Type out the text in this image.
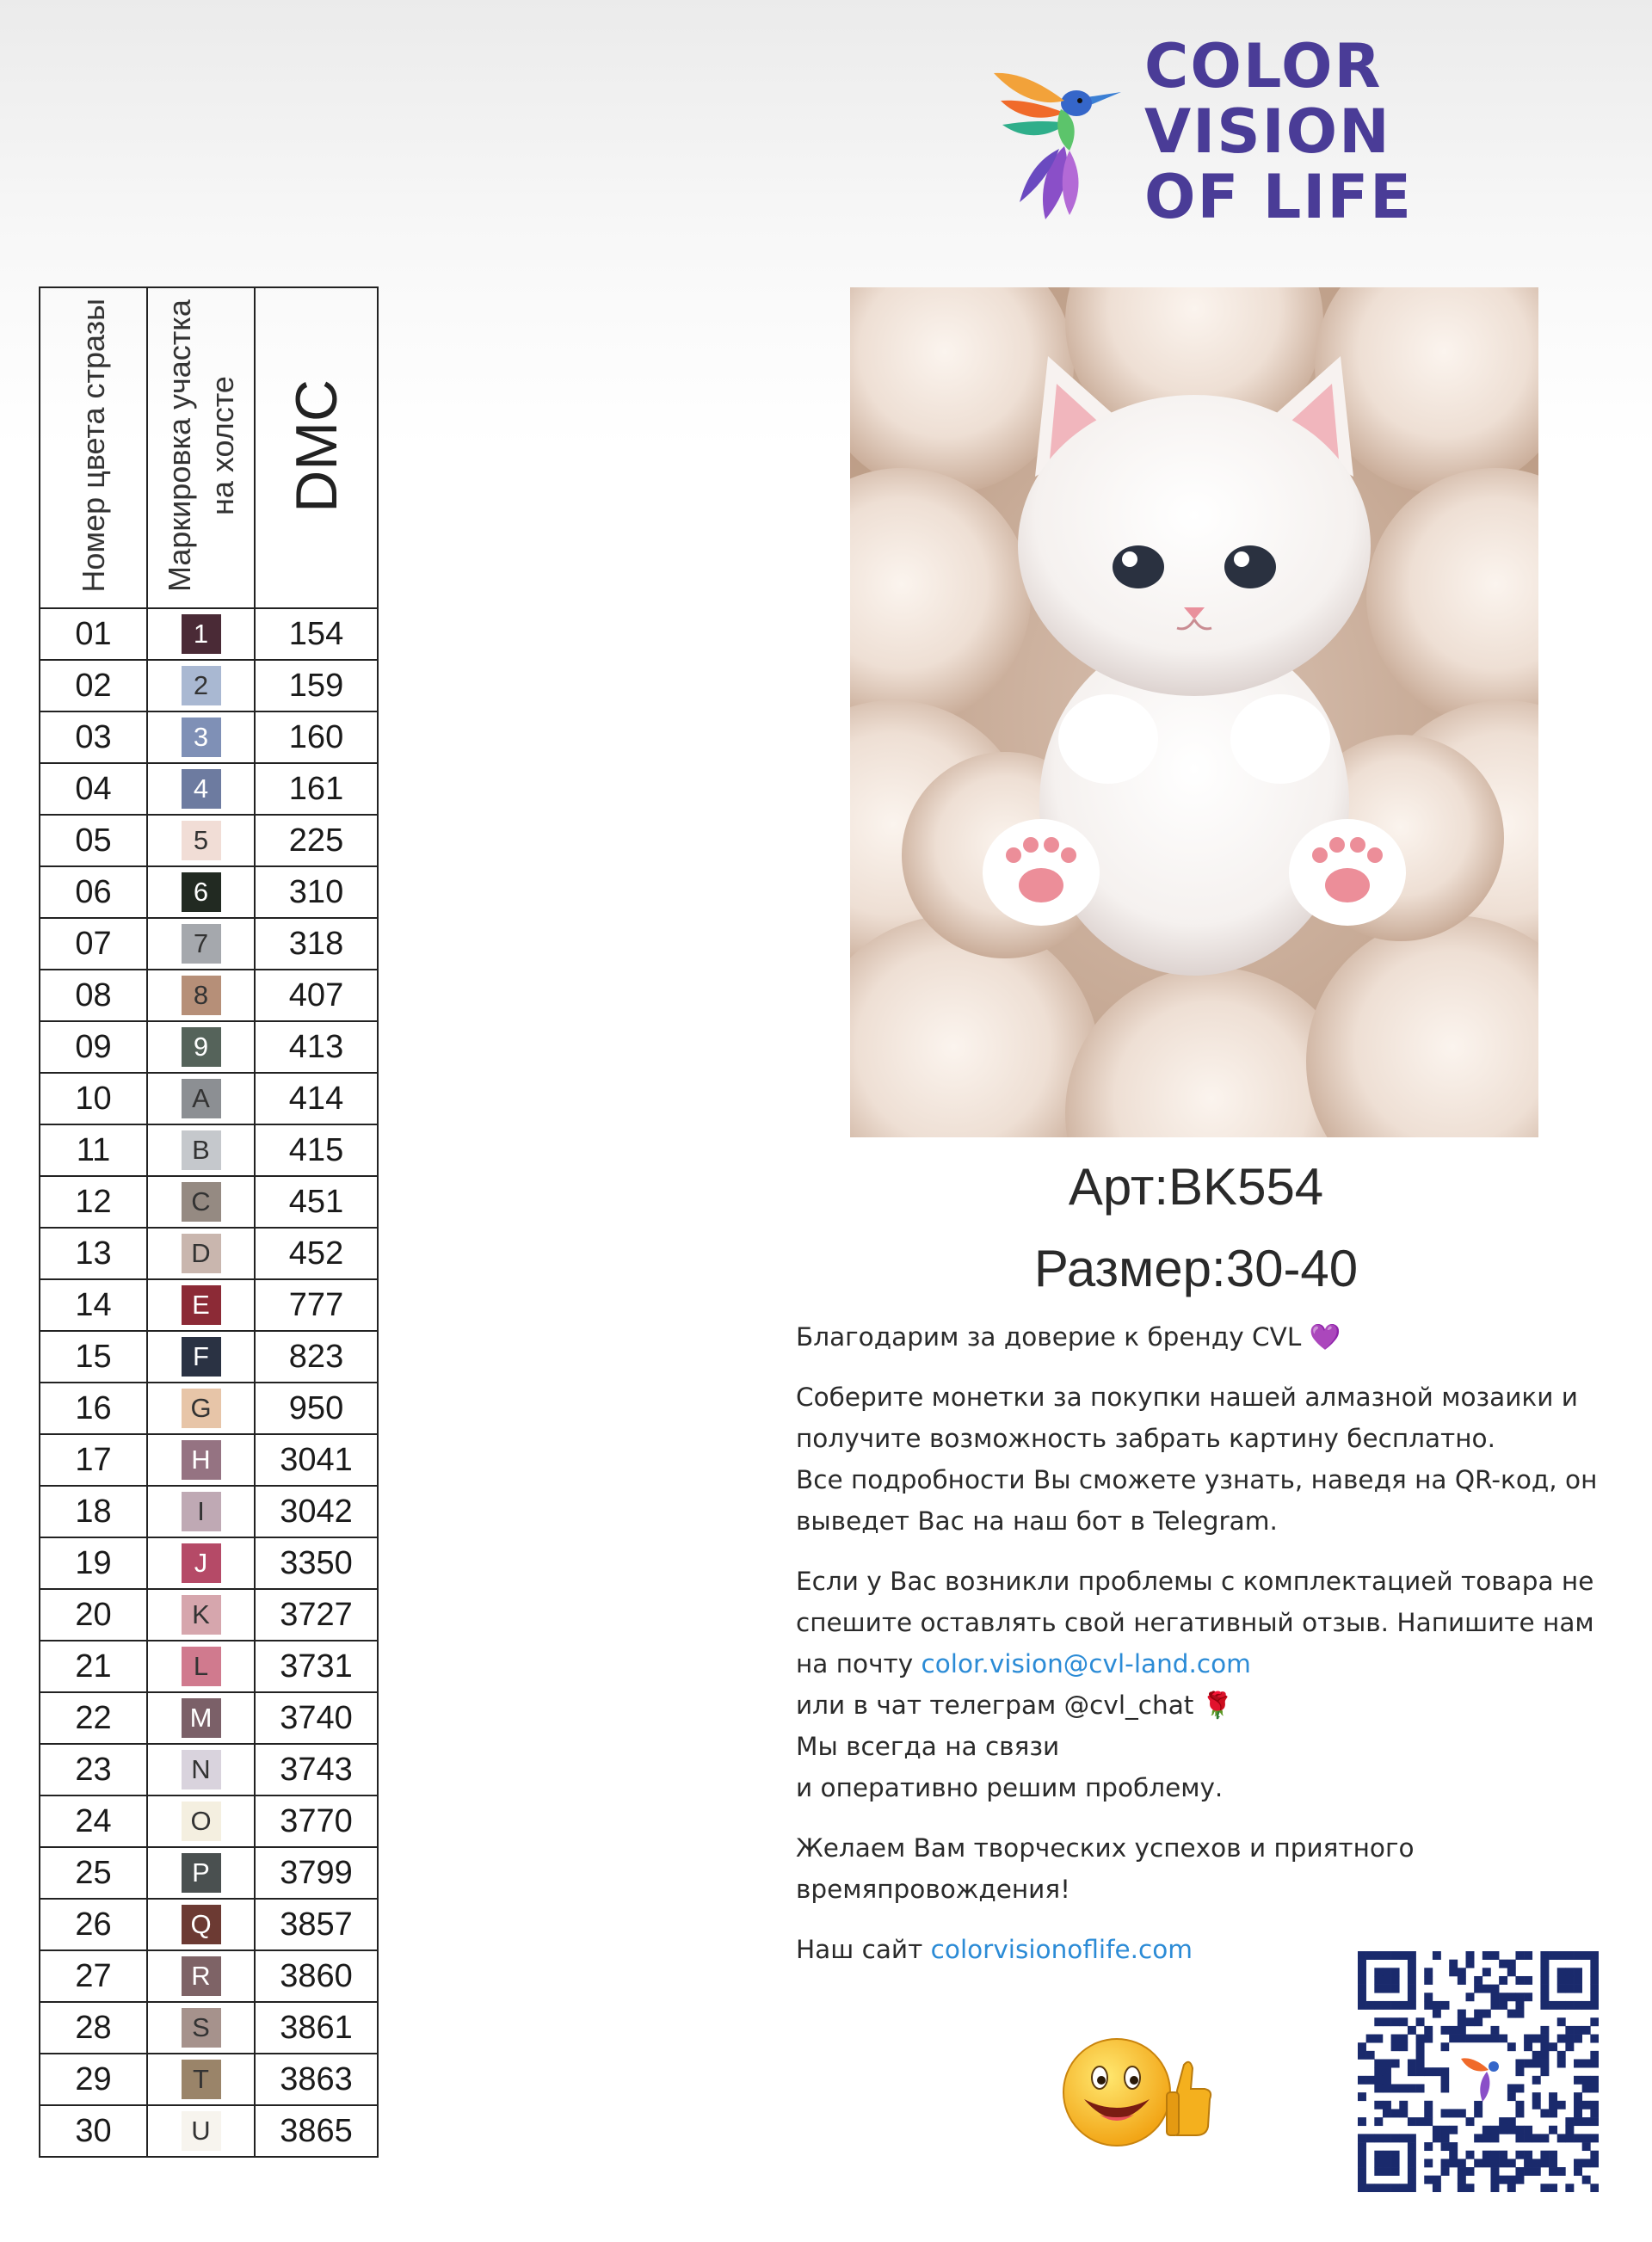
COLOR
VISION
OF LIFE
Номер цвета стразы	Маркировка участка на холсте	DMC
01	1	154
02	2	159
03	3	160
04	4	161
05	5	225
06	6	310
07	7	318
08	8	407
09	9	413
10	A	414
11	B	415
12	C	451
13	D	452
14	E	777
15	F	823
16	G	950
17	H	3041
18	I	3042
19	J	3350
20	K	3727
21	L	3731
22	M	3740
23	N	3743
24	O	3770
25	P	3799
26	Q	3857
27	R	3860
28	S	3861
29	T	3863
30	U	3865
Арт:BK554
Размер:30-40

Благодарим за доверие к бренду CVL 💜

Соберите монетки за покупки нашей алмазной мозаики и
получите возможность забрать картину бесплатно.
Все подробности Вы сможете узнать, наведя на QR-код, он
выведет Вас на наш бот в Telegram.

Если у Вас возникли проблемы с комплектацией товара не
спешите оставлять свой негативный отзыв. Напишите нам
на почту color.vision@cvl-land.com
или в чат телеграм @cvl_chat 🌹
Мы всегда на связи
и оперативно решим проблему.

Желаем Вам творческих успехов и приятного
времяпровождения!

Наш сайт colorvisionoflife.com
